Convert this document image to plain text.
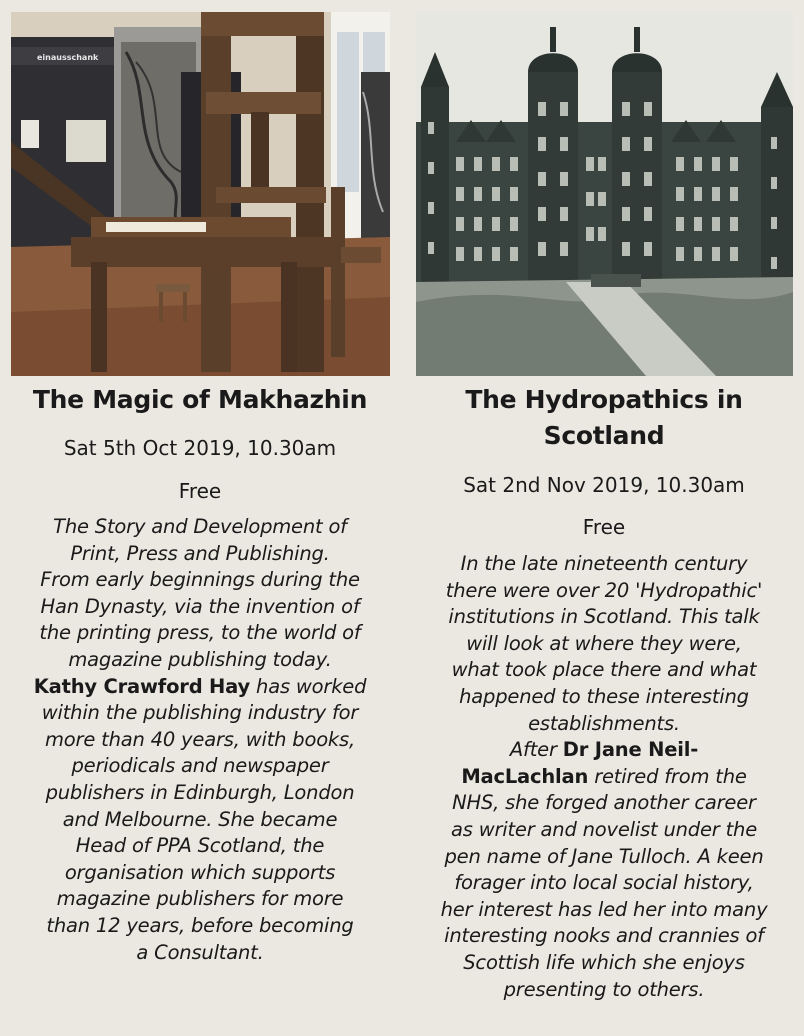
einausschank
The Magic of Makhazhin
Sat 5th Oct 2019, 10.30am
Free
The Story and Development of
Print, Press and Publishing.
From early beginnings during the
Han Dynasty, via the invention of
the printing press, to the world of
magazine publishing today.
Kathy Crawford Hay has worked
within the publishing industry for
more than 40 years, with books,
periodicals and newspaper
publishers in Edinburgh, London
and Melbourne. She became
Head of PPA Scotland, the
organisation which supports
magazine publishers for more
than 12 years, before becoming
a Consultant.
The Hydropathics in
Scotland
Sat 2nd Nov 2019, 10.30am
Free
In the late nineteenth century
there were over 20 'Hydropathic'
institutions in Scotland. This talk
will look at where they were,
what took place there and what
happened to these interesting
establishments.
After Dr Jane Neil-
MacLachlan retired from the
NHS, she forged another career
as writer and novelist under the
pen name of Jane Tulloch. A keen
forager into local social history,
her interest has led her into many
interesting nooks and crannies of
Scottish life which she enjoys
presenting to others.
